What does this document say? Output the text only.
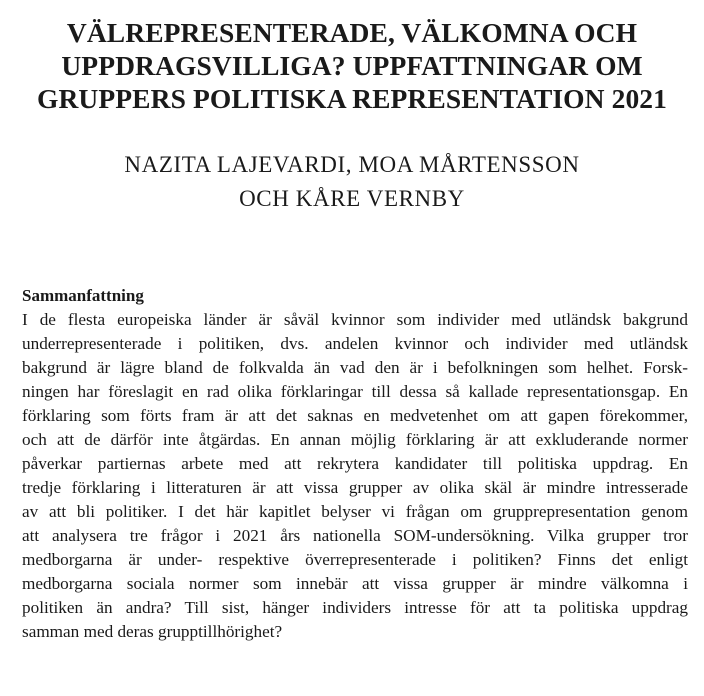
VÄLREPRESENTERADE, VÄLKOMNA OCH
UPPDRAGSVILLIGA? UPPFATTNINGAR OM
GRUPPERS POLITISKA REPRESENTATION 2021
NAZITA LAJEVARDI, MOA MÅRTENSSON
OCH KÅRE VERNBY

Sammanfattning

I de flesta europeiska länder är såväl kvinnor som individer med utländsk bakgrund
underrepresenterade i politiken, dvs. andelen kvinnor och individer med utländsk
bakgrund är lägre bland de folkvalda än vad den är i befolkningen som helhet. Forsk-
ningen har föreslagit en rad olika förklaringar till dessa så kallade representationsgap. En
förklaring som förts fram är att det saknas en medvetenhet om att gapen förekommer,
och att de därför inte åtgärdas. En annan möjlig förklaring är att exkluderande normer
påverkar partiernas arbete med att rekrytera kandidater till politiska uppdrag. En
tredje förklaring i litteraturen är att vissa grupper av olika skäl är mindre intresserade
av att bli politiker. I det här kapitlet belyser vi frågan om grupprepresentation genom
att analysera tre frågor i 2021 års nationella SOM-undersökning. Vilka grupper tror
medborgarna är under- respektive överrepresenterade i politiken? Finns det enligt
medborgarna sociala normer som innebär att vissa grupper är mindre välkomna i
politiken än andra? Till sist, hänger individers intresse för att ta politiska uppdrag
samman med deras grupptillhörighet?
